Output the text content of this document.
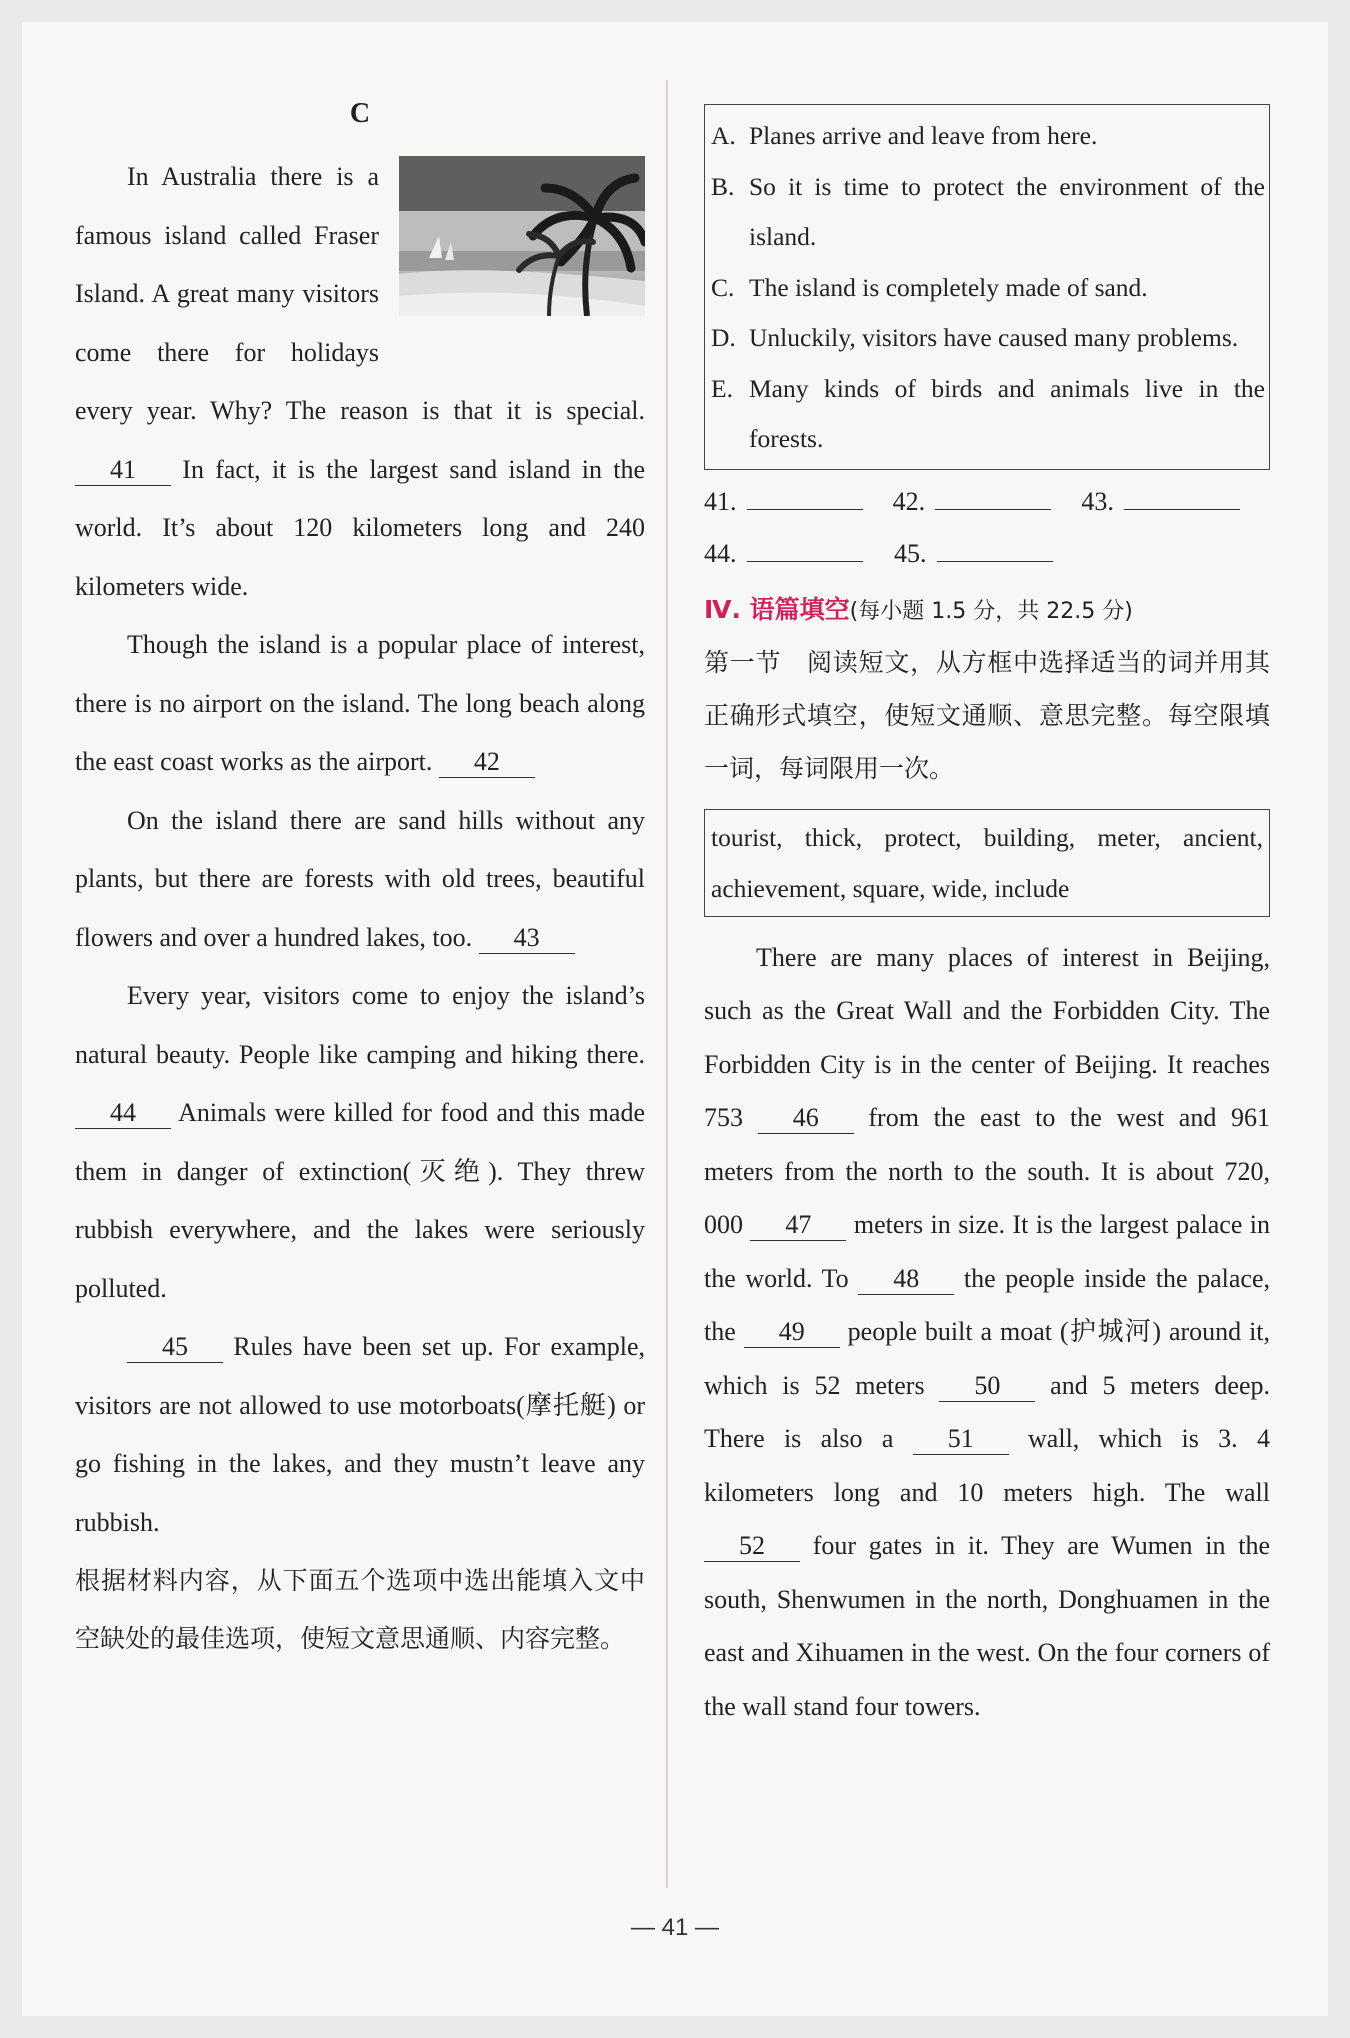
C

In Australia there is a famous island called Fraser Island. A great many visitors come there for holidays every year. Why? The reason is that it is special. 41 In fact, it is the largest sand island in the world. It’s about 120 kilometers long and 240 kilometers wide.

Though the island is a popular place of interest, there is no airport on the island. The long beach along the east coast works as the airport. 42

On the island there are sand hills without any plants, but there are forests with old trees, beautiful flowers and over a hundred lakes, too. 43

Every year, visitors come to enjoy the island’s natural beauty. People like camping and hiking there. 44 Animals were killed for food and this made them in danger of extinction(灭绝). They threw rubbish everywhere, and the lakes were seriously polluted.

45 Rules have been set up. For example, visitors are not allowed to use motorboats(摩托艇) or go fishing in the lakes, and they mustn’t leave any rubbish.

根据材料内容，从下面五个选项中选出能填入文中空缺处的最佳选项，使短文意思通顺、内容完整。

A. Planes arrive and leave from here.
B. So it is time to protect the environment of the island.
C. The island is completely made of sand.
D. Unluckily, visitors have caused many problems.
E. Many kinds of birds and animals live in the forests.
41.	42.	43.
44.	45.
Ⅳ. 语篇填空(每小题 1.5 分，共 22.5 分)
第一节　阅读短文，从方框中选择适当的词并用其正确形式填空，使短文通顺、意思完整。每空限填一词，每词限用一次。
tourist, thick, protect, building, meter, ancient, achievement, square, wide, include

There are many places of interest in Beijing, such as the Great Wall and the Forbidden City. The Forbidden City is in the center of Beijing. It reaches 753 46 from the east to the west and 961 meters from the north to the south. It is about 720, 000 47 meters in size. It is the largest palace in the world. To 48 the people inside the palace, the 49 people built a moat (护城河) around it, which is 52 meters 50 and 5 meters deep. There is also a 51 wall, which is 3. 4 kilometers long and 10 meters high. The wall 52 four gates in it. They are Wumen in the south, Shenwumen in the north, Donghuamen in the east and Xihuamen in the west. On the four corners of the wall stand four towers.

— 41 —
